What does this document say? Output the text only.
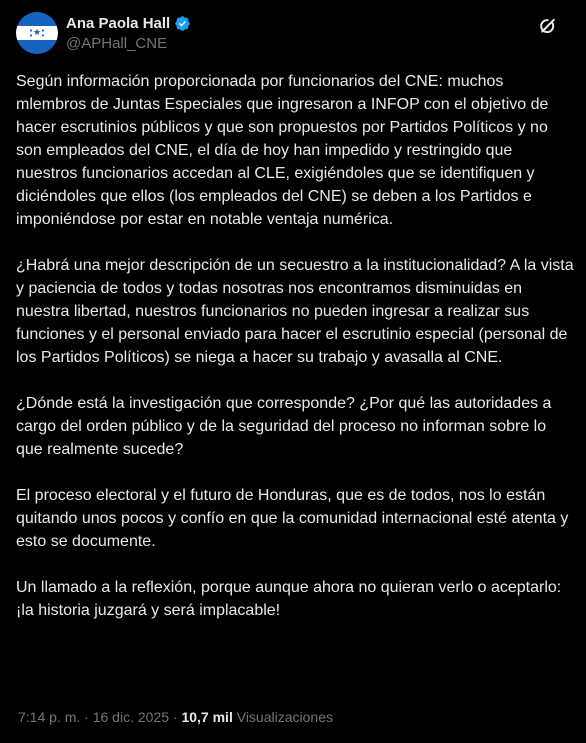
Ana Paola Hall
@APHall_CNE

Según información proporcionada por funcionarios del CNE: muchos mlembros de Juntas Especiales que ingresaron a INFOP con el objetivo de hacer escrutinios públicos y que son propuestos por Partidos Políticos y no son empleados del CNE, el día de hoy han impedido y restringido que nuestros funcionarios accedan al CLE, exigiéndoles que se identifiquen y diciéndoles que ellos (los empleados del CNE) se deben a los Partidos e imponiéndose por estar en notable ventaja numérica.

¿Habrá una mejor descripción de un secuestro a la institucionalidad? A la vista y paciencia de todos y todas nosotras nos encontramos disminuidas en nuestra libertad, nuestros funcionarios no pueden ingresar a realizar sus funciones y el personal enviado para hacer el escrutinio especial (personal de los Partidos Políticos) se niega a hacer su trabajo y avasalla al CNE.

¿Dónde está la investigación que corresponde? ¿Por qué las autoridades a cargo del orden público y de la seguridad del proceso no informan sobre lo que realmente sucede?

El proceso electoral y el futuro de Honduras, que es de todos, nos lo están quitando unos pocos y confío en que la comunidad internacional esté atenta y esto se documente.

Un llamado a la reflexión, porque aunque ahora no quieran verlo o aceptarlo: ¡la historia juzgará y será implacable!

7:14 p. m. · 16 dic. 2025 · 10,7 mil Visualizaciones
